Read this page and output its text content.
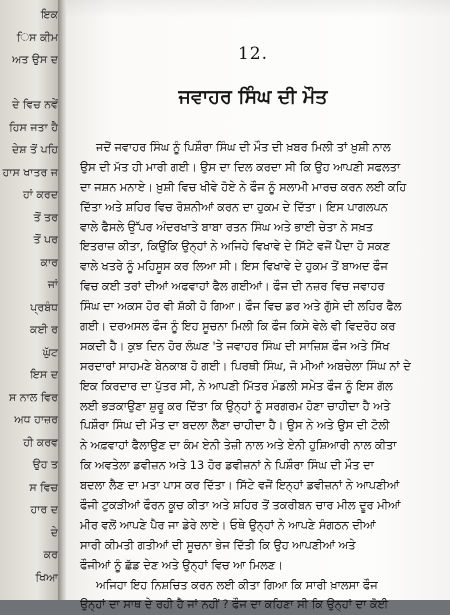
ਇਕ
ਿਸ ਕੀਮ
ਅਤ ਉਸ ਦ
ਦੇ ਵਿਚ ਨਵੇਂ
ਹਿਸ ਜਤਾ ਹੈ
ਦੇਸ਼ ਤੋਂ ਪਹਿ
ਹਾਸ ਖਾਤਰ ਜ
ਹਾਂ ਕਰਦ
ਤੋਂ ਤਰ
ਤੋਂ ਪਰ
ਕਾਰ
ਜਾਂ
ਪ੍ਰਬੰਧ
ਕਈ ਰ
ਘੁੱਟ
ਇਸ ਦ
ਸ ਨਾਲ ਵਿਰ
ਅਧ ਹਾਜ਼ਰ
ਹੀ ਕਰਵ
ਉਹ ਤ
ਸ ਵਿਚ
ਹਾਰ ਦ
ਦੇ
ਕਰ
ਖਿਆ
12.
ਜਵਾਹਰ ਸਿੰਘ ਦੀ ਮੌਤ
ਜਦੋਂ ਜਵਾਹਰ ਸਿੰਘ ਨੂੰ ਪਿਸ਼ੌਰਾ ਸਿੰਘ ਦੀ ਮੌਤ ਦੀ ਖ਼ਬਰ ਮਿਲੀ ਤਾਂ ਖ਼ੁਸ਼ੀ ਨਾਲ
ਉਸ ਦੀ ਮੱਤ ਹੀ ਮਾਰੀ ਗਈ। ਉਸ ਦਾ ਦਿਲ ਕਰਦਾ ਸੀ ਕਿ ਉਹ ਆਪਣੀ ਸਫਲਤਾ
ਦਾ ਜਸ਼ਨ ਮਨਾਏ। ਖ਼ੁਸ਼ੀ ਵਿਚ ਖੀਵੇ ਹੋਏ ਨੇ ਫੌਜ ਨੂੰ ਸਲਾਮੀ ਮਾਰਚ ਕਰਨ ਲਈ ਕਹਿ
ਦਿੱਤਾ ਅਤੇ ਸ਼ਹਿਰ ਵਿਚ ਰੋਸ਼ਨੀਆਂ ਕਰਨ ਦਾ ਹੁਕਮ ਦੇ ਦਿੱਤਾ। ਇਸ ਪਾਗਲਪਨ
ਵਾਲੇ ਫੈਸਲੇ ਉੱਪਰ ਅੰਦਰਖਾਤੇ ਬਾਬਾ ਰਤਨ ਸਿੰਘ ਅਤੇ ਭਾਈ ਚੇਤਾ ਨੇ ਸਖ਼ਤ
ਇਤਰਾਜ਼ ਕੀਤਾ, ਕਿਉਂਕਿ ਉਨ੍ਹਾਂ ਨੇ ਅਜਿਹੇ ਵਿਖਾਵੇ ਦੇ ਸਿੱਟੇ ਵਜੋਂ ਪੈਦਾ ਹੋ ਸਕਣ
ਵਾਲੇ ਖਤਰੇ ਨੂੰ ਮਹਿਸੂਸ ਕਰ ਲਿਆ ਸੀ। ਇਸ ਵਿਖਾਵੇ ਦੇ ਹੁਕਮ ਤੋਂ ਬਾਅਦ ਫੌਜ
ਵਿਚ ਕਈ ਤਰਾਂ ਦੀਆਂ ਅਫਵਾਹਾਂ ਫੈਲ ਗਈਆਂ। ਫੌਜ ਦੀ ਨਜ਼ਰ ਵਿਚ ਜਵਾਹਰ
ਸਿੰਘ ਦਾ ਅਕਸ ਹੋਰ ਵੀ ਸ਼ੱਕੀ ਹੋ ਗਿਆ। ਫੌਜ ਵਿਚ ਡਰ ਅਤੇ ਗੁੱਸੇ ਦੀ ਲਹਿਰ ਫੈਲ
ਗਈ। ਦਰਅਸਲ ਫੌਜ ਨੂੰ ਇਹ ਸੂਚਨਾ ਮਿਲੀ ਕਿ ਫੌਜ ਕਿਸੇ ਵੇਲੇ ਵੀ ਵਿਦਰੋਹ ਕਰ
ਸਕਦੀ ਹੈ। ਕੁਝ ਦਿਨ ਹੋਰ ਲੰਘਣ 'ਤੇ ਜਵਾਹਰ ਸਿੰਘ ਦੀ ਸਾਜ਼ਿਸ਼ ਫੌਜ ਅਤੇ ਸਿੱਖ
ਸਰਦਾਰਾਂ ਸਾਹਮਣੇ ਬੇਨਕਾਬ ਹੋ ਗਈ। ਪਿਰਥੀ ਸਿੰਘ, ਜੋ ਮੀਆਂ ਅਬਚੇਲਾ ਸਿੰਘ ਨਾਂ ਦੇ
ਇਕ ਕਿਰਦਾਰ ਦਾ ਪੁੱਤਰ ਸੀ, ਨੇ ਆਪਣੀ ਮਿੱਤਰ ਮੰਡਲੀ ਸਮੇਤ ਫੌਜ ਨੂੰ ਇਸ ਗੱਲ
ਲਈ ਭੜਕਾਉਣਾ ਸ਼ੁਰੂ ਕਰ ਦਿੱਤਾ ਕਿ ਉਨ੍ਹਾਂ ਨੂੰ ਸਰਗਰਮ ਹੋਣਾ ਚਾਹੀਦਾ ਹੈ ਅਤੇ
ਪਿਸ਼ੌਰਾ ਸਿੰਘ ਦੀ ਮੌਤ ਦਾ ਬਦਲਾ ਲੈਣਾ ਚਾਹੀਦਾ ਹੈ। ਉਸ ਨੇ ਅਤੇ ਉਸ ਦੀ ਟੋਲੀ
ਨੇ ਅਫ਼ਵਾਹਾਂ ਫੈਲਾਉਣ ਦਾ ਕੰਮ ਏਨੀ ਤੇਜ਼ੀ ਨਾਲ ਅਤੇ ਏਨੀ ਹੁਸ਼ਿਆਰੀ ਨਾਲ ਕੀਤਾ
ਕਿ ਅਵਤੇਲਾ ਡਵੀਜ਼ਨ ਅਤੇ 13 ਹੋਰ ਡਵੀਜ਼ਨਾਂ ਨੇ ਪਿਸ਼ੌਰਾ ਸਿੰਘ ਦੀ ਮੌਤ ਦਾ
ਬਦਲਾ ਲੈਣ ਦਾ ਮਤਾ ਪਾਸ ਕਰ ਦਿੱਤਾ। ਸਿੱਟੇ ਵਜੋਂ ਇਨ੍ਹਾਂ ਡਵੀਜ਼ਨਾਂ ਨੇ ਆਪਣੀਆਂ
ਫੌਜੀ ਟੁਕੜੀਆਂ ਫੌਰਨ ਕੂਚ ਕੀਤਾ ਅਤੇ ਸ਼ਹਿਰ ਤੋਂ ਤਕਰੀਬਨ ਚਾਰ ਮੀਲ ਦੂਰ ਮੀਆਂ
ਮੀਰ ਵਲੋਂ ਆਪਣੇ ਪੈਰ ਜਾ ਡੇਰੇ ਲਾਏ। ਓਥੇ ਉਨ੍ਹਾਂ ਨੇ ਆਪਣੇ ਸੰਗਠਨ ਦੀਆਂ
ਸਾਰੀ ਕੀਮਤੀ ਗਤੀਆਂ ਦੀ ਸੂਚਨਾ ਭੇਜ ਦਿੱਤੀ ਕਿ ਉਹ ਆਪਣੀਆਂ ਅਤੇ
ਫੌਜੀਆਂ ਨੂੰ ਛੱਡ ਦੇਣ ਅਤੇ ਉਨ੍ਹਾਂ ਵਿਚ ਆ ਮਿਲਣ।
ਅਜਿਹਾ ਇਹ ਨਿਸ਼ਚਿਤ ਕਰਨ ਲਈ ਕੀਤਾ ਗਿਆ ਕਿ ਸਾਰੀ ਖ਼ਾਲਸਾ ਫੌਜ
ਉਨ੍ਹਾਂ ਦਾ ਸਾਥ ਦੇ ਰਹੀ ਹੈ ਜਾਂ ਨਹੀਂ ? ਫੌਜ ਦਾ ਕਹਿਣਾ ਸੀ ਕਿ ਉਨ੍ਹਾਂ ਦਾ ਕੋਈ
